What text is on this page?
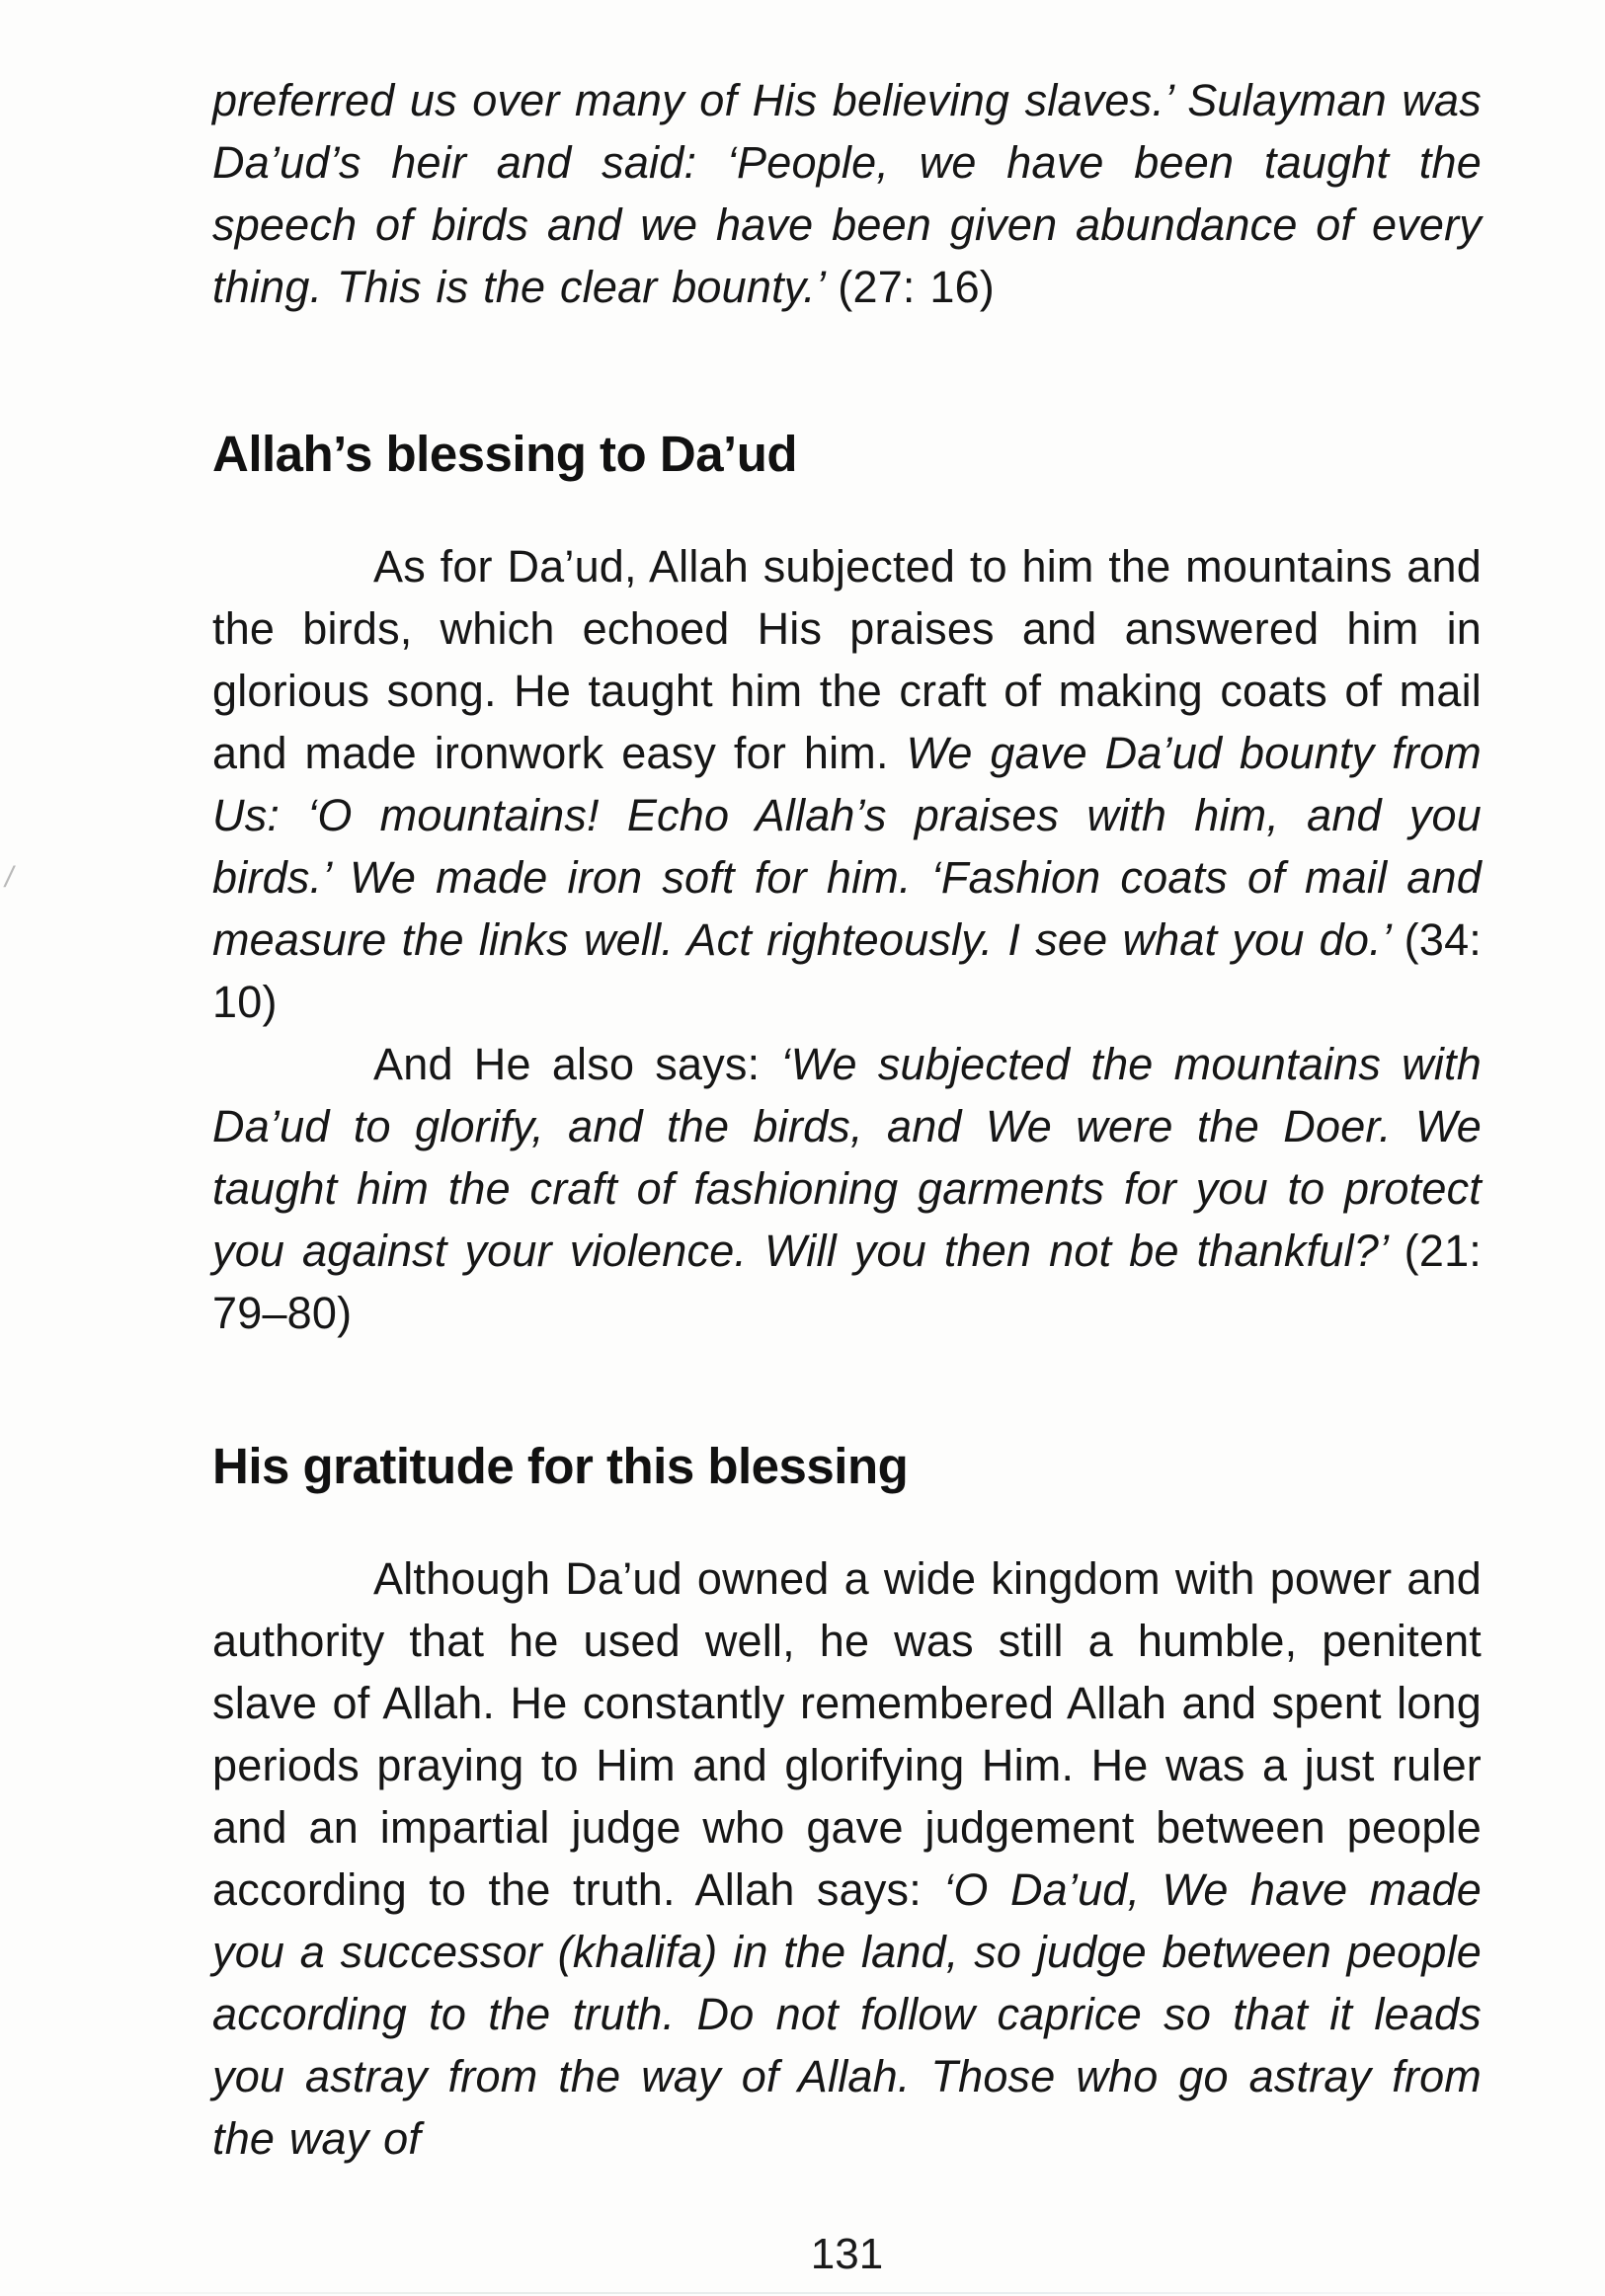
preferred us over many of His believing slaves.’ Sulayman was Da’ud’s heir and said: ‘People, we have been taught the speech of birds and we have been given abundance of every thing. This is the clear bounty.’ (27: 16)

Allah’s blessing to Da’ud

As for Da’ud, Allah subjected to him the mountains and the birds, which echoed His praises and answered him in glorious song. He taught him the craft of making coats of mail and made ironwork easy for him. We gave Da’ud bounty from Us: ‘O mountains! Echo Allah’s praises with him, and you birds.’ We made iron soft for him. ‘Fashion coats of mail and measure the links well. Act righteously. I see what you do.’ (34: 10)

And He also says: ‘We subjected the mountains with Da’ud to glorify, and the birds, and We were the Doer. We taught him the craft of fashioning garments for you to protect you against your violence. Will you then not be thankful?’ (21: 79–80)

His gratitude for this blessing

Although Da’ud owned a wide kingdom with power and authority that he used well, he was still a humble, penitent slave of Allah. He constantly remembered Allah and spent long periods praying to Him and glorifying Him. He was a just ruler and an impartial judge who gave judgement between people according to the truth. Allah says: ‘O Da’ud, We have made you a successor (khalifa) in the land, so judge between people according to the truth. Do not follow caprice so that it leads you astray from the way of Allah. Those who go astray from the way of

131
/
